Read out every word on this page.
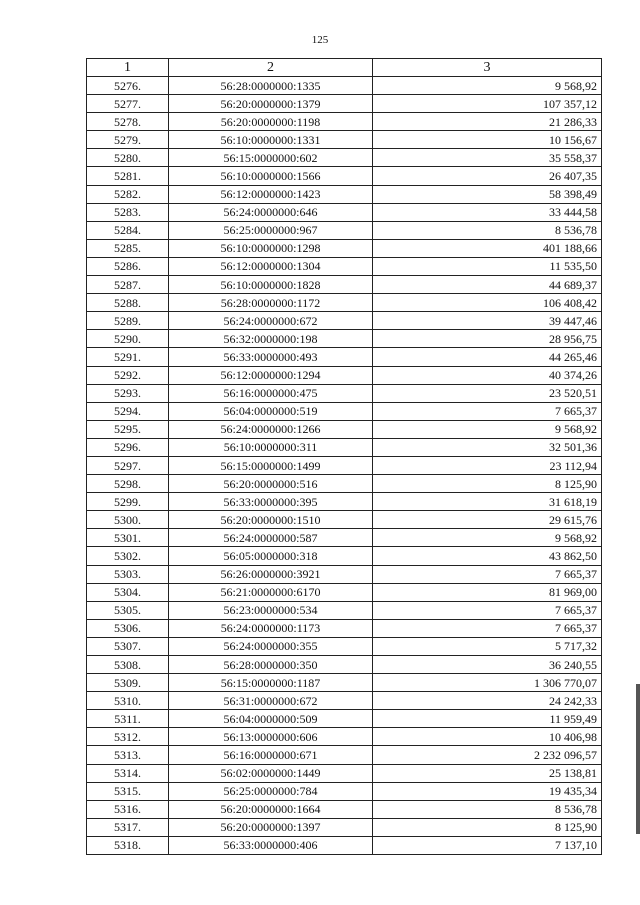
125
1	2	3
5276.	56:28:0000000:1335	9 568,92
5277.	56:20:0000000:1379	107 357,12
5278.	56:20:0000000:1198	21 286,33
5279.	56:10:0000000:1331	10 156,67
5280.	56:15:0000000:602	35 558,37
5281.	56:10:0000000:1566	26 407,35
5282.	56:12:0000000:1423	58 398,49
5283.	56:24:0000000:646	33 444,58
5284.	56:25:0000000:967	8 536,78
5285.	56:10:0000000:1298	401 188,66
5286.	56:12:0000000:1304	11 535,50
5287.	56:10:0000000:1828	44 689,37
5288.	56:28:0000000:1172	106 408,42
5289.	56:24:0000000:672	39 447,46
5290.	56:32:0000000:198	28 956,75
5291.	56:33:0000000:493	44 265,46
5292.	56:12:0000000:1294	40 374,26
5293.	56:16:0000000:475	23 520,51
5294.	56:04:0000000:519	7 665,37
5295.	56:24:0000000:1266	9 568,92
5296.	56:10:0000000:311	32 501,36
5297.	56:15:0000000:1499	23 112,94
5298.	56:20:0000000:516	8 125,90
5299.	56:33:0000000:395	31 618,19
5300.	56:20:0000000:1510	29 615,76
5301.	56:24:0000000:587	9 568,92
5302.	56:05:0000000:318	43 862,50
5303.	56:26:0000000:3921	7 665,37
5304.	56:21:0000000:6170	81 969,00
5305.	56:23:0000000:534	7 665,37
5306.	56:24:0000000:1173	7 665,37
5307.	56:24:0000000:355	5 717,32
5308.	56:28:0000000:350	36 240,55
5309.	56:15:0000000:1187	1 306 770,07
5310.	56:31:0000000:672	24 242,33
5311.	56:04:0000000:509	11 959,49
5312.	56:13:0000000:606	10 406,98
5313.	56:16:0000000:671	2 232 096,57
5314.	56:02:0000000:1449	25 138,81
5315.	56:25:0000000:784	19 435,34
5316.	56:20:0000000:1664	8 536,78
5317.	56:20:0000000:1397	8 125,90
5318.	56:33:0000000:406	7 137,10
